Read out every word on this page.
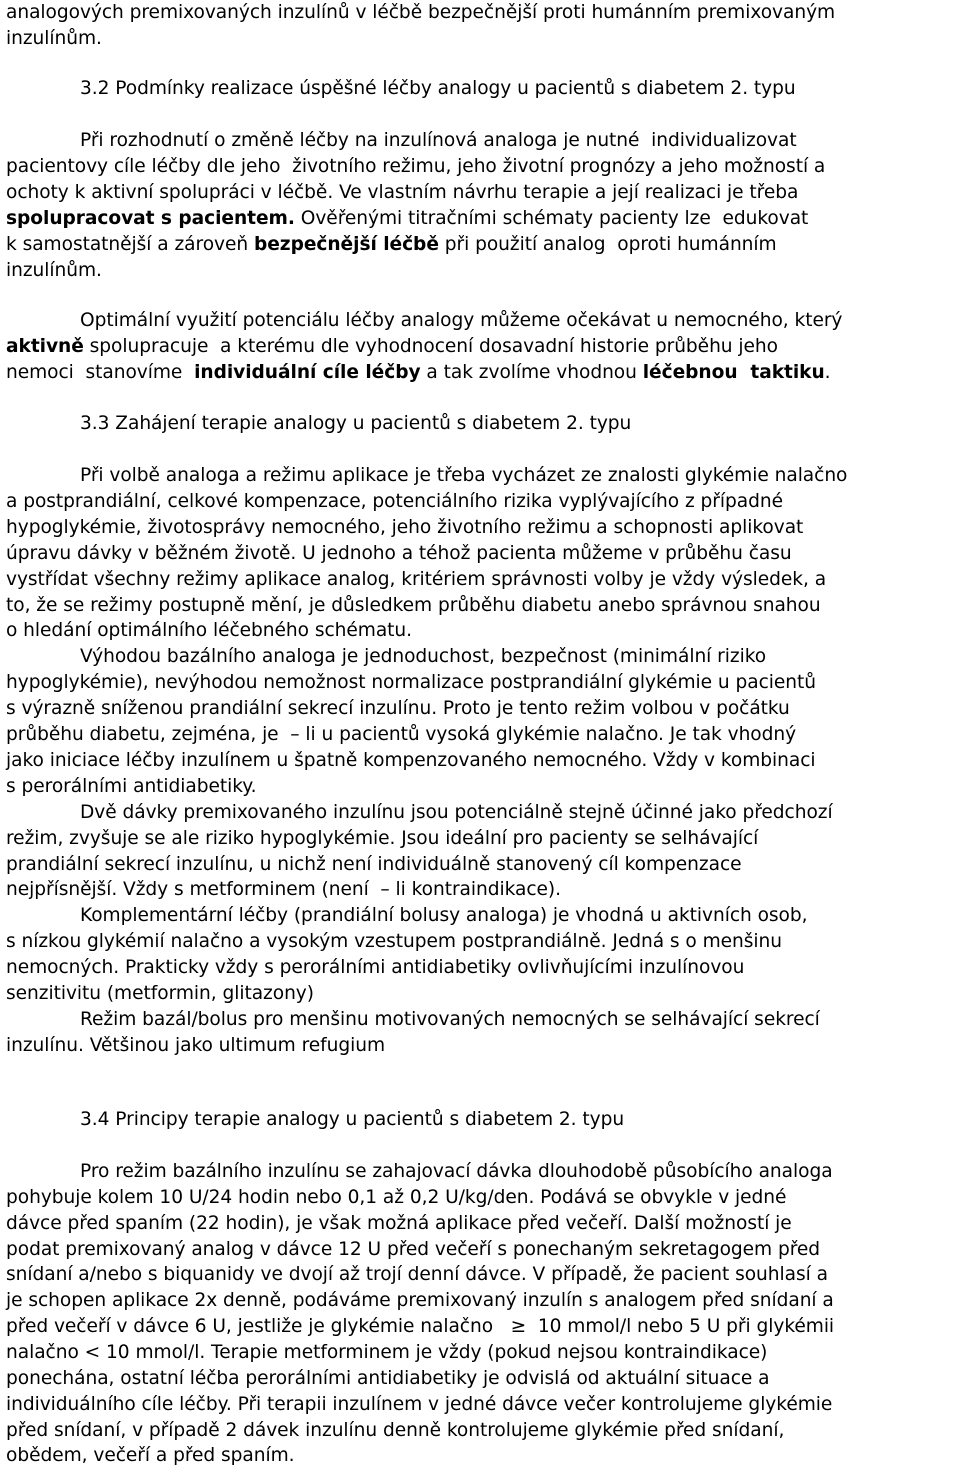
analogových premixovaných inzulínů v léčbě bezpečnější proti humánním premixovaným
inzulínům.
3.2 Podmínky realizace úspěšné léčby analogy u pacientů s diabetem 2. typu
Při rozhodnutí o změně léčby na inzulínová analoga je nutné  individualizovat
pacientovy cíle léčby dle jeho  životního režimu, jeho životní prognózy a jeho možností a
ochoty k aktivní spolupráci v léčbě. Ve vlastním návrhu terapie a její realizaci je třeba
spolupracovat s pacientem. Ověřenými titračními schématy pacienty lze  edukovat
k samostatnější a zároveň bezpečnější léčbě při použití analog  oproti humánním
inzulínům.
Optimální využití potenciálu léčby analogy můžeme očekávat u nemocného, který
aktivně spolupracuje  a kterému dle vyhodnocení dosavadní historie průběhu jeho
nemoci  stanovíme  individuální cíle léčby a tak zvolíme vhodnou léčebnou  taktiku.
3.3 Zahájení terapie analogy u pacientů s diabetem 2. typu
Při volbě analoga a režimu aplikace je třeba vycházet ze znalosti glykémie nalačno
a postprandiální, celkové kompenzace, potenciálního rizika vyplývajícího z případné
hypoglykémie, životosprávy nemocného, jeho životního režimu a schopnosti aplikovat
úpravu dávky v běžném životě. U jednoho a téhož pacienta můžeme v průběhu času
vystřídat všechny režimy aplikace analog, kritériem správnosti volby je vždy výsledek, a
to, že se režimy postupně mění, je důsledkem průběhu diabetu anebo správnou snahou
o hledání optimálního léčebného schématu.
Výhodou bazálního analoga je jednoduchost, bezpečnost (minimální riziko
hypoglykémie), nevýhodou nemožnost normalizace postprandiální glykémie u pacientů
s výrazně sníženou prandiální sekrecí inzulínu. Proto je tento režim volbou v počátku
průběhu diabetu, zejména, je  – li u pacientů vysoká glykémie nalačno. Je tak vhodný
jako iniciace léčby inzulínem u špatně kompenzovaného nemocného. Vždy v kombinaci
s perorálními antidiabetiky.
Dvě dávky premixovaného inzulínu jsou potenciálně stejně účinné jako předchozí
režim, zvyšuje se ale riziko hypoglykémie. Jsou ideální pro pacienty se selhávající
prandiální sekrecí inzulínu, u nichž není individuálně stanovený cíl kompenzace
nejpřísnější. Vždy s metforminem (není  – li kontraindikace).
Komplementární léčby (prandiální bolusy analoga) je vhodná u aktivních osob,
s nízkou glykémií nalačno a vysokým vzestupem postprandiálně. Jedná s o menšinu
nemocných. Prakticky vždy s perorálními antidiabetiky ovlivňujícími inzulínovou
senzitivitu (metformin, glitazony)
Režim bazál/bolus pro menšinu motivovaných nemocných se selhávající sekrecí
inzulínu. Většinou jako ultimum refugium
3.4 Principy terapie analogy u pacientů s diabetem 2. typu
Pro režim bazálního inzulínu se zahajovací dávka dlouhodobě působícího analoga
pohybuje kolem 10 U/24 hodin nebo 0,1 až 0,2 U/kg/den. Podává se obvykle v jedné
dávce před spaním (22 hodin), je však možná aplikace před večeří. Další možností je
podat premixovaný analog v dávce 12 U před večeří s ponechaným sekretagogem před
snídaní a/nebo s biquanidy ve dvojí až trojí denní dávce. V případě, že pacient souhlasí a
je schopen aplikace 2x denně, podáváme premixovaný inzulín s analogem před snídaní a
před večeří v dávce 6 U, jestliže je glykémie nalačno   ≥  10 mmol/l nebo 5 U při glykémii
nalačno < 10 mmol/l. Terapie metforminem je vždy (pokud nejsou kontraindikace)
ponechána, ostatní léčba perorálními antidiabetiky je odvislá od aktuální situace a
individuálního cíle léčby. Při terapii inzulínem v jedné dávce večer kontrolujeme glykémie
před snídaní, v případě 2 dávek inzulínu denně kontrolujeme glykémie před snídaní,
obědem, večeří a před spaním.
